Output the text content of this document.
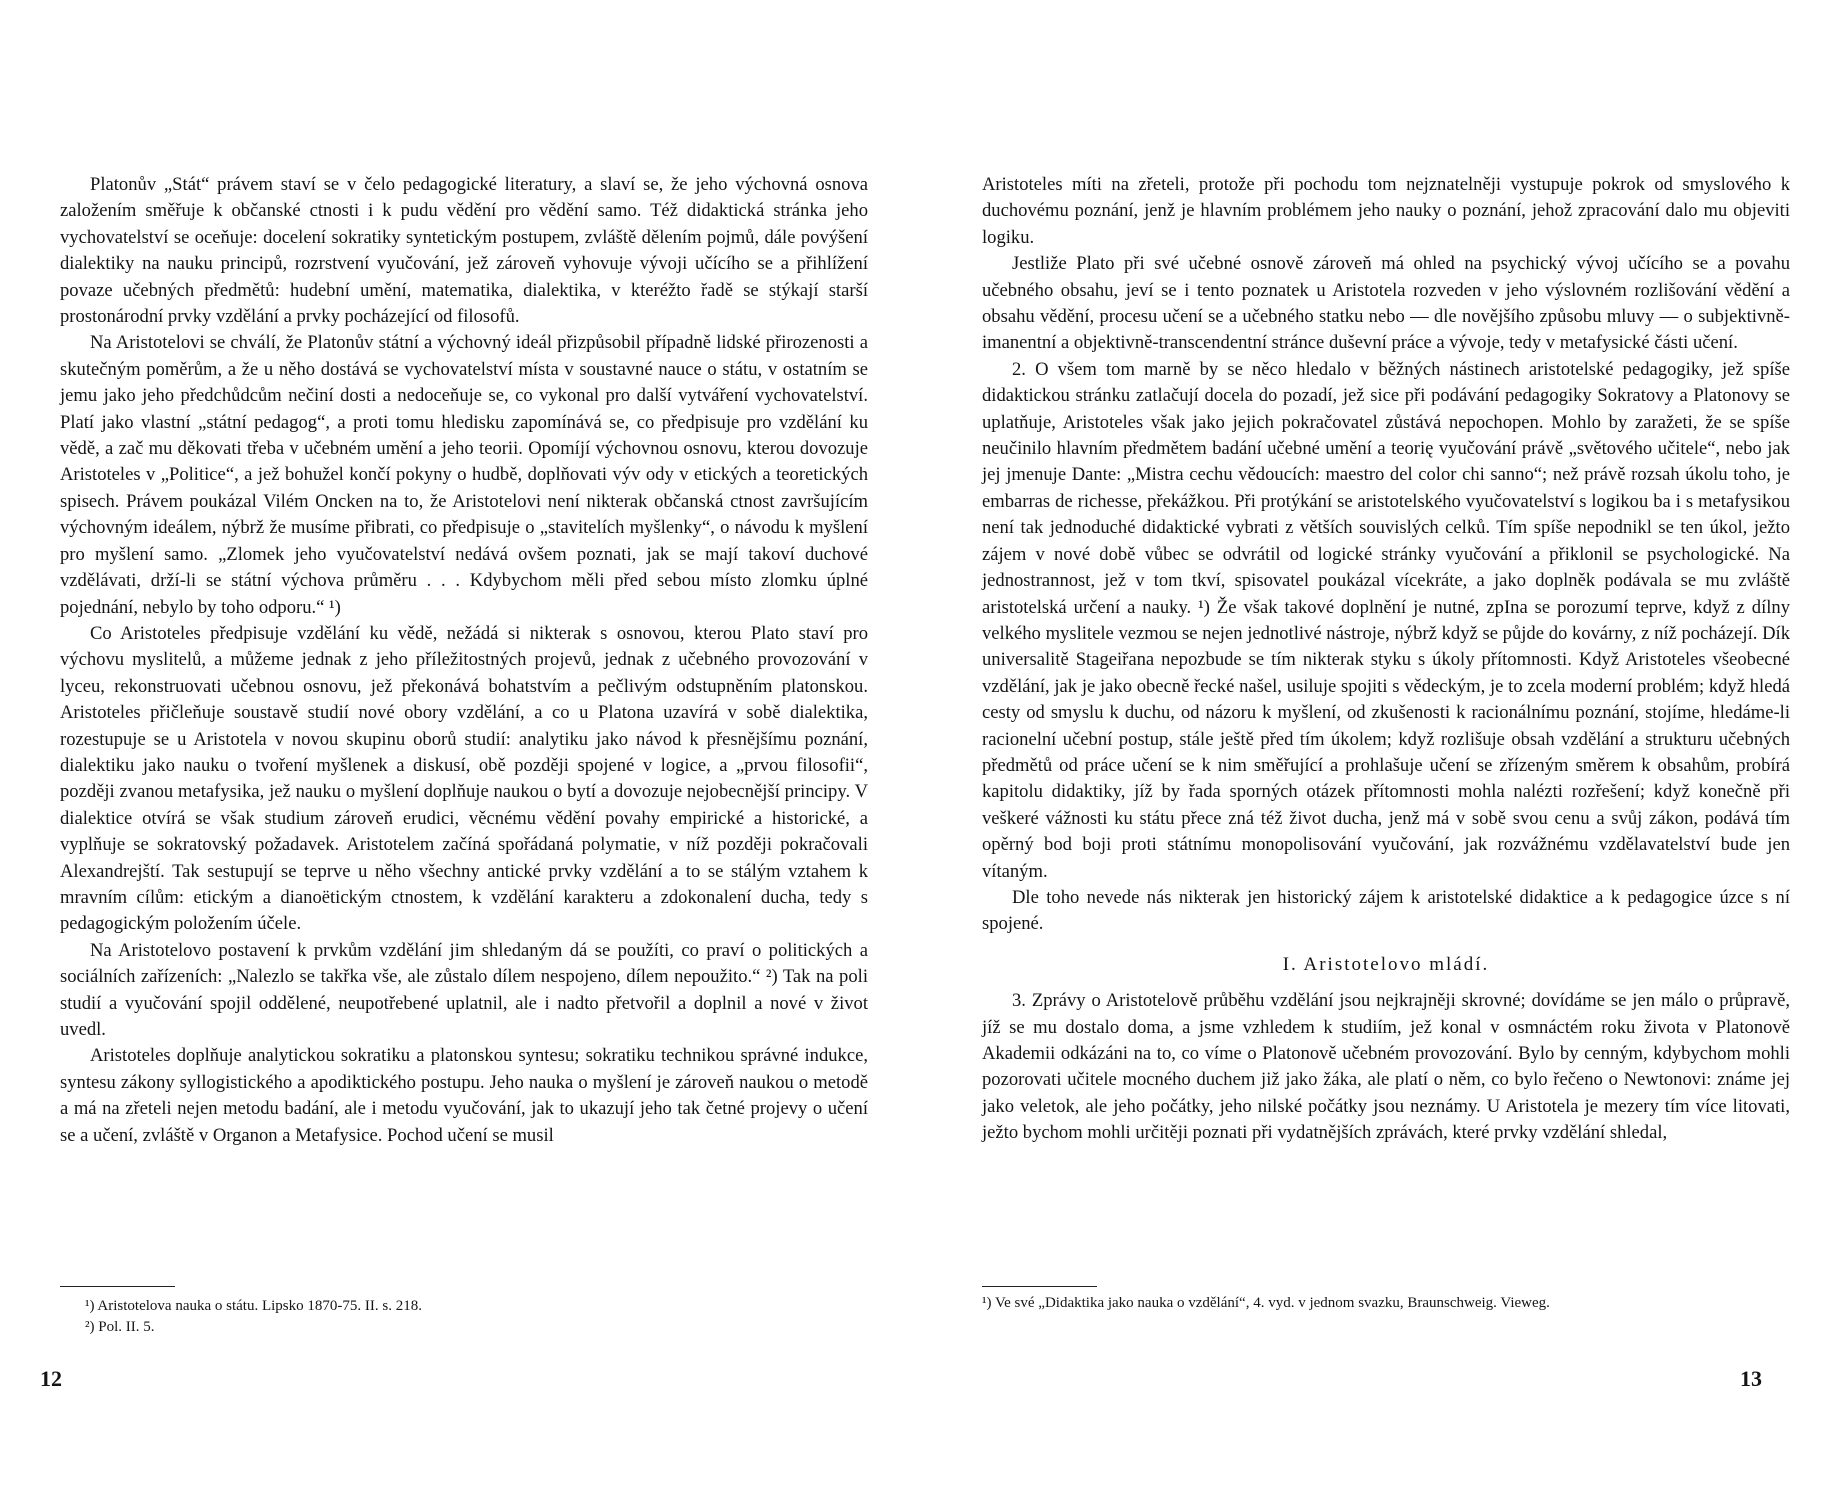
Platonův „Stát“ právem staví se v čelo pedagogické literatury, a slaví se, že jeho výchovná osnova založením směřuje k občanské ctnosti i k pudu vědění pro vědění samo. Též didaktická stránka jeho vychovatelství se oceňuje: docelení sokratiky syntetickým postupem, zvláště dělením pojmů, dále povýšení dialektiky na nauku principů, rozrstvení vyučování, jež zároveň vyhovuje vývoji učícího se a přihlížení povaze učebných předmětů: hudební umění, matematika, dialektika, v kteréžto řadě se stýkají starší prostonárodní prvky vzdělání a prvky pocházející od filosofů.

Na Aristotelovi se chválí, že Platonův státní a výchovný ideál přizpůsobil případně lidské přirozenosti a skutečným poměrům, a že u něho dostává se vychovatelství místa v soustavné nauce o státu, v ostatním se jemu jako jeho předchůdcům nečiní dosti a nedoceňuje se, co vykonal pro další vytváření vychovatelství. Platí jako vlastní „státní pedagog“, a proti tomu hledisku zapomínává se, co předpisuje pro vzdělání ku vědě, a zač mu děkovati třeba v učebném umění a jeho teorii. Opomíjí výchovnou osnovu, kterou dovozuje Aristoteles v „Politice“, a jež bohužel končí pokyny o hudbě, doplňovati výv ody v etických a teoretických spisech. Právem poukázal Vilém Oncken na to, že Aristotelovi není nikterak občanská ctnost završujícím výchovným ideálem, nýbrž že musíme přibrati, co předpisuje o „stavitelích myšlenky“, o návodu k myšlení pro myšlení samo. „Zlomek jeho vyučovatelství nedává ovšem poznati, jak se mají takoví duchové vzdělávati, drží-li se státní výchova průměru . . . Kdybychom měli před sebou místo zlomku úplné pojednání, nebylo by toho odporu.“ ¹)

Co Aristoteles předpisuje vzdělání ku vědě, nežádá si nikterak s osnovou, kterou Plato staví pro výchovu myslitelů, a můžeme jednak z jeho příležitostných projevů, jednak z učebného provozování v lyceu, rekonstruovati učebnou osnovu, jež překonává bohatstvím a pečlivým odstupněním platonskou. Aristoteles přičleňuje soustavě studií nové obory vzdělání, a co u Platona uzavírá v sobě dialektika, rozestupuje se u Aristotela v novou skupinu oborů studií: analytiku jako návod k přesnějšímu poznání, dialektiku jako nauku o tvoření myšlenek a diskusí, obě později spojené v logice, a „prvou filosofii“, později zvanou metafysika, jež nauku o myšlení doplňuje naukou o bytí a dovozuje nejobecnější principy. V dialektice otvírá se však studium zároveň erudici, věcnému vědění povahy empirické a historické, a vyplňuje se sokratovský požadavek. Aristotelem začíná spořádaná polymatie, v níž později pokračovali Alexandrejští. Tak sestupují se teprve u něho všechny antické prvky vzdělání a to se stálým vztahem k mravním cílům: etickým a dianoëtickým ctnostem, k vzdělání karakteru a zdokonalení ducha, tedy s pedagogickým položením účele.

Na Aristotelovo postavení k prvkům vzdělání jim shledaným dá se použíti, co praví o politických a sociálních zařízeních: „Nalezlo se takřka vše, ale zůstalo dílem nespojeno, dílem nepoužito.“ ²) Tak na poli studií a vyučování spojil oddělené, neupotřebené uplatnil, ale i nadto přetvořil a doplnil a nové v život uvedl.

Aristoteles doplňuje analytickou sokratiku a platonskou syntesu; sokratiku technikou správné indukce, syntesu zákony syllogistického a apodiktického postupu. Jeho nauka o myšlení je zároveň naukou o metodě a má na zřeteli nejen metodu badání, ale i metodu vyučování, jak to ukazují jeho tak četné projevy o učení se a učení, zvláště v Organon a Metafysice. Pochod učení se musil

¹) Aristotelova nauka o státu. Lipsko 1870-75. II. s. 218.
²) Pol. II. 5.
12

Aristoteles míti na zřeteli, protože při pochodu tom nejznatelněji vystupuje pokrok od smyslového k duchovému poznání, jenž je hlavním problémem jeho nauky o poznání, jehož zpracování dalo mu objeviti logiku.

Jestliže Plato při své učebné osnově zároveň má ohled na psychický vývoj učícího se a povahu učebného obsahu, jeví se i tento poznatek u Aristotela rozveden v jeho výslovném rozlišování vědění a obsahu vědění, procesu učení se a učebného statku nebo — dle novějšího způsobu mluvy — o subjektivně-imanentní a objektivně-transcendentní stránce duševní práce a vývoje, tedy v metafysické části učení.

2. O všem tom marně by se něco hledalo v běžných nástinech aristotelské pedagogiky, jež spíše didaktickou stránku zatlačují docela do pozadí, jež sice při podávání pedagogiky Sokratovy a Platonovy se uplatňuje, Aristoteles však jako jejich pokračovatel zůstává nepochopen. Mohlo by zaražeti, že se spíše neučinilo hlavním předmětem badání učebné umění a teorię vyučování právě „světového učitele“, nebo jak jej jmenuje Dante: „Mistra cechu vědoucích: maestro del color chi sanno“; než právě rozsah úkolu toho, je embarras de richesse, překážkou. Při protýkání se aristotelského vyučovatelství s logikou ba i s metafysikou není tak jednoduché didaktické vybrati z větších souvislých celků. Tím spíše nepodnikl se ten úkol, ježto zájem v nové době vůbec se odvrátil od logické stránky vyučování a přiklonil se psychologické. Na jednostrannost, jež v tom tkví, spisovatel poukázal vícekráte, a jako doplněk podávala se mu zvláště aristotelská určení a nauky. ¹) Že však takové doplnění je nutné, zpIna se porozumí teprve, když z dílny velkého myslitele vezmou se nejen jednotlivé nástroje, nýbrž když se půjde do kovárny, z níž pocházejí. Dík universalitě Stageiřana nepozbude se tím nikterak styku s úkoly přítomnosti. Když Aristoteles všeobecné vzdělání, jak je jako obecně řecké našel, usiluje spojiti s vědeckým, je to zcela moderní problém; když hledá cesty od smyslu k duchu, od názoru k myšlení, od zkušenosti k racionálnímu poznání, stojíme, hledáme-li racionelní učební postup, stále ještě před tím úkolem; když rozlišuje obsah vzdělání a strukturu učebných předmětů od práce učení se k nim směřující a prohlašuje učení se zřízeným směrem k obsahům, probírá kapitolu didaktiky, jíž by řada sporných otázek přítomnosti mohla nalézti rozřešení; když konečně při veškeré vážnosti ku státu přece zná též život ducha, jenž má v sobě svou cenu a svůj zákon, podává tím opěrný bod boji proti státnímu monopolisování vyučování, jak rozvážnému vzdělavatelství bude jen vítaným.

Dle toho nevede nás nikterak jen historický zájem k aristotelské didaktice a k pedagogice úzce s ní spojené.

I. Aristotelovo mládí.

3. Zprávy o Aristotelově průběhu vzdělání jsou nejkrajněji skrovné; dovídáme se jen málo o průpravě, jíž se mu dostalo doma, a jsme vzhledem k studiím, jež konal v osmnáctém roku života v Platonově Akademii odkázáni na to, co víme o Platonově učebném provozování. Bylo by cenným, kdybychom mohli pozorovati učitele mocného duchem již jako žáka, ale platí o něm, co bylo řečeno o Newtonovi: známe jej jako veletok, ale jeho počátky, jeho nilské počátky jsou neznámy. U Aristotela je mezery tím více litovati, ježto bychom mohli určitěji poznati při vydatnějších zprávách, které prvky vzdělání shledal,

¹) Ve své „Didaktika jako nauka o vzdělání“, 4. vyd. v jednom svazku, Braunschweig. Vieweg.
13
